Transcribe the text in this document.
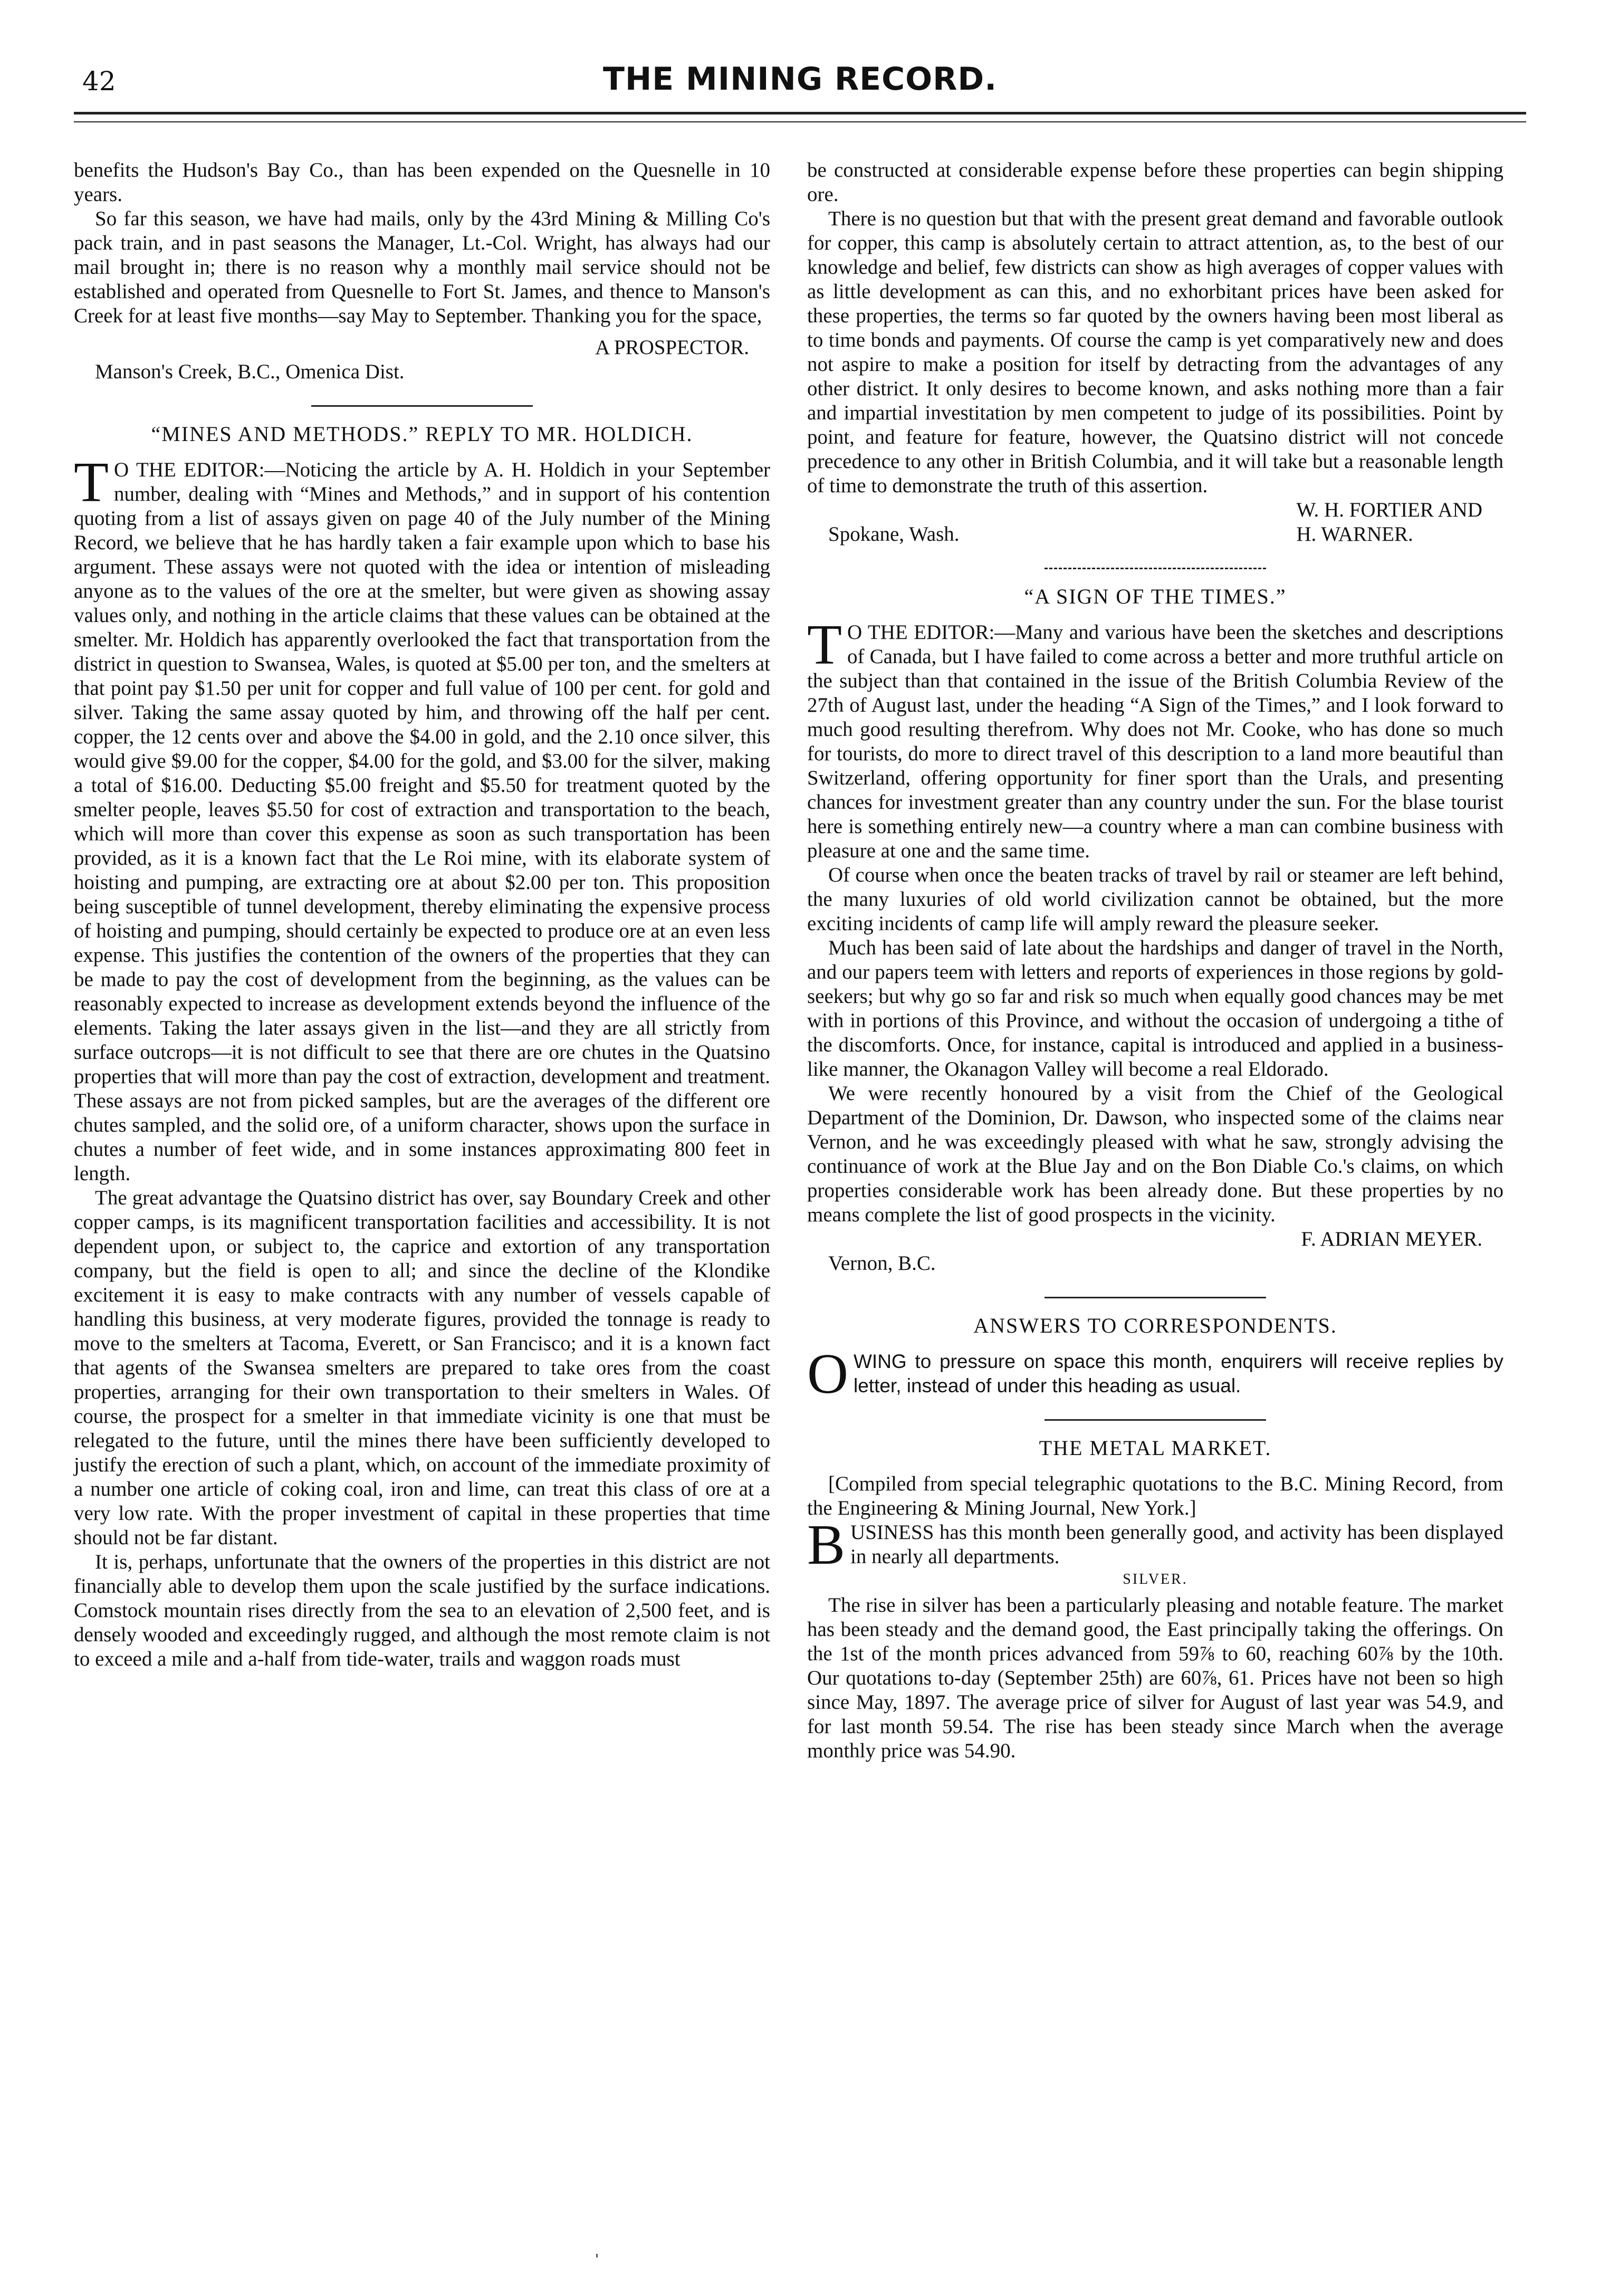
42	THE MINING RECORD.

benefits the Hudson's Bay Co., than has been expended on the Quesnelle in 10 years.

So far this season, we have had mails, only by the 43rd Mining & Milling Co's pack train, and in past seasons the Manager, Lt.-Col. Wright, has always had our mail brought in; there is no reason why a monthly mail service should not be established and operated from Quesnelle to Fort St. James, and thence to Manson's Creek for at least five months—say May to September. Thanking you for the space,

A PROSPECTOR.
Manson's Creek, B.C., Omenica Dist.
“MINES AND METHODS.” REPLY TO MR. HOLDICH.
T O THE EDITOR:—Noticing the article by A. H. Holdich in your September number, dealing with “Mines and Methods,” and in support of his contention quoting from a list of assays given on page 40 of the July number of the Mining Record, we believe that he has hardly taken a fair example upon which to base his argument. These assays were not quoted with the idea or intention of misleading anyone as to the values of the ore at the smelter, but were given as showing assay values only, and nothing in the article claims that these values can be obtained at the smelter. Mr. Holdich has apparently overlooked the fact that transportation from the district in question to Swansea, Wales, is quoted at $5.00 per ton, and the smelters at that point pay $1.50 per unit for copper and full value of 100 per cent. for gold and silver. Taking the same assay quoted by him, and throwing off the half per cent. copper, the 12 cents over and above the $4.00 in gold, and the 2.10 once silver, this would give $9.00 for the copper, $4.00 for the gold, and $3.00 for the silver, making a total of $16.00. Deducting $5.00 freight and $5.50 for treatment quoted by the smelter people, leaves $5.50 for cost of extraction and transportation to the beach, which will more than cover this expense as soon as such transportation has been provided, as it is a known fact that the Le Roi mine, with its elaborate system of hoisting and pumping, are extracting ore at about $2.00 per ton. This proposition being susceptible of tunnel development, thereby eliminating the expensive process of hoisting and pumping, should certainly be expected to produce ore at an even less expense. This justifies the contention of the owners of the properties that they can be made to pay the cost of development from the beginning, as the values can be reasonably expected to increase as development extends beyond the influence of the elements. Taking the later assays given in the list—and they are all strictly from surface outcrops—it is not difficult to see that there are ore chutes in the Quatsino properties that will more than pay the cost of extraction, development and treatment. These assays are not from picked samples, but are the averages of the different ore chutes sampled, and the solid ore, of a uniform character, shows upon the surface in chutes a number of feet wide, and in some instances approximating 800 feet in length.

The great advantage the Quatsino district has over, say Boundary Creek and other copper camps, is its magnificent transportation facilities and accessibility. It is not dependent upon, or subject to, the caprice and extortion of any transportation company, but the field is open to all; and since the decline of the Klondike excitement it is easy to make contracts with any number of vessels capable of handling this business, at very moderate figures, provided the tonnage is ready to move to the smelters at Tacoma, Everett, or San Francisco; and it is a known fact that agents of the Swansea smelters are prepared to take ores from the coast properties, arranging for their own transportation to their smelters in Wales. Of course, the prospect for a smelter in that immediate vicinity is one that must be relegated to the future, until the mines there have been sufficiently developed to justify the erection of such a plant, which, on account of the immediate proximity of a number one article of coking coal, iron and lime, can treat this class of ore at a very low rate. With the proper investment of capital in these properties that time should not be far distant.

It is, perhaps, unfortunate that the owners of the properties in this district are not financially able to develop them upon the scale justified by the surface indications. Comstock mountain rises directly from the sea to an elevation of 2,500 feet, and is densely wooded and exceedingly rugged, and although the most remote claim is not to exceed a mile and a-half from tide-water, trails and waggon roads must

be constructed at considerable expense before these properties can begin shipping ore.

There is no question but that with the present great demand and favorable outlook for copper, this camp is absolutely certain to attract attention, as, to the best of our knowledge and belief, few districts can show as high averages of copper values with as little development as can this, and no exhorbitant prices have been asked for these properties, the terms so far quoted by the owners having been most liberal as to time bonds and payments. Of course the camp is yet comparatively new and does not aspire to make a position for itself by detracting from the advantages of any other district. It only desires to become known, and asks nothing more than a fair and impartial investitation by men competent to judge of its possibilities. Point by point, and feature for feature, however, the Quatsino district will not concede precedence to any other in British Columbia, and it will take but a reasonable length of time to demonstrate the truth of this assertion.

Spokane, Wash.
W. H. FORTIER AND
H. WARNER.
“A SIGN OF THE TIMES.”
T O THE EDITOR:—Many and various have been the sketches and descriptions of Canada, but I have failed to come across a better and more truthful article on the subject than that contained in the issue of the British Columbia Review of the 27th of August last, under the heading “A Sign of the Times,” and I look forward to much good resulting therefrom. Why does not Mr. Cooke, who has done so much for tourists, do more to direct travel of this description to a land more beautiful than Switzerland, offering opportunity for finer sport than the Urals, and presenting chances for investment greater than any country under the sun. For the blase tourist here is something entirely new—a country where a man can combine business with pleasure at one and the same time.

Of course when once the beaten tracks of travel by rail or steamer are left behind, the many luxuries of old world civilization cannot be obtained, but the more exciting incidents of camp life will amply reward the pleasure seeker.

Much has been said of late about the hardships and danger of travel in the North, and our papers teem with letters and reports of experiences in those regions by gold-seekers; but why go so far and risk so much when equally good chances may be met with in portions of this Province, and without the occasion of undergoing a tithe of the discomforts. Once, for instance, capital is introduced and applied in a business-like manner, the Okanagon Valley will become a real Eldorado.

We were recently honoured by a visit from the Chief of the Geological Department of the Dominion, Dr. Dawson, who inspected some of the claims near Vernon, and he was exceedingly pleased with what he saw, strongly advising the continuance of work at the Blue Jay and on the Bon Diable Co.'s claims, on which properties considerable work has been already done. But these properties by no means complete the list of good prospects in the vicinity.

F. ADRIAN MEYER.
Vernon, B.C.
ANSWERS TO CORRESPONDENTS.
O WING to pressure on space this month, enquirers will receive replies by letter, instead of under this heading as usual.

THE METAL MARKET.

[Compiled from special telegraphic quotations to the B.C. Mining Record, from the Engineering & Mining Journal, New York.]

B USINESS has this month been generally good, and activity has been displayed in nearly all departments.

SILVER.

The rise in silver has been a particularly pleasing and notable feature. The market has been steady and the demand good, the East principally taking the offerings. On the 1st of the month prices advanced from 59⅞ to 60, reaching 60⅞ by the 10th. Our quotations to-day (September 25th) are 60⅞, 61. Prices have not been so high since May, 1897. The average price of silver for August of last year was 54.9, and for last month 59.54. The rise has been steady since March when the average monthly price was 54.90.

'
